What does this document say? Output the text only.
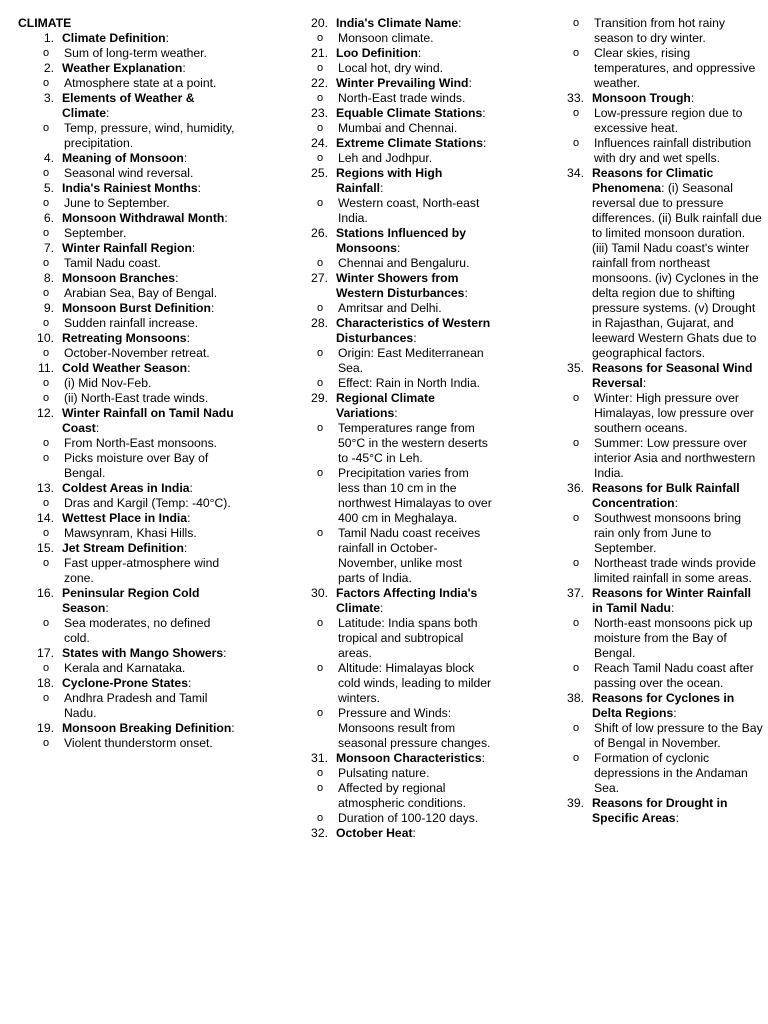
CLIMATE
1. Climate Definition:
o Sum of long-term weather.
2. Weather Explanation:
o Atmosphere state at a point.
3. Elements of Weather & Climate:
o Temp, pressure, wind, humidity, precipitation.
4. Meaning of Monsoon:
o Seasonal wind reversal.
5. India's Rainiest Months:
o June to September.
6. Monsoon Withdrawal Month:
o September.
7. Winter Rainfall Region:
o Tamil Nadu coast.
8. Monsoon Branches:
o Arabian Sea, Bay of Bengal.
9. Monsoon Burst Definition:
o Sudden rainfall increase.
10. Retreating Monsoons:
o October-November retreat.
11. Cold Weather Season:
o (i) Mid Nov-Feb.
o (ii) North-East trade winds.
12. Winter Rainfall on Tamil Nadu Coast:
o From North-East monsoons.
o Picks moisture over Bay of Bengal.
13. Coldest Areas in India:
o Dras and Kargil (Temp: -40°C).
14. Wettest Place in India:
o Mawsynram, Khasi Hills.
15. Jet Stream Definition:
o Fast upper-atmosphere wind zone.
16. Peninsular Region Cold Season:
o Sea moderates, no defined cold.
17. States with Mango Showers:
o Kerala and Karnataka.
18. Cyclone-Prone States:
o Andhra Pradesh and Tamil Nadu.
19. Monsoon Breaking Definition:
o Violent thunderstorm onset.
20. India's Climate Name:
o Monsoon climate.
21. Loo Definition:
o Local hot, dry wind.
22. Winter Prevailing Wind:
o North-East trade winds.
23. Equable Climate Stations:
o Mumbai and Chennai.
24. Extreme Climate Stations:
o Leh and Jodhpur.
25. Regions with High Rainfall:
o Western coast, North-east India.
26. Stations Influenced by Monsoons:
o Chennai and Bengaluru.
27. Winter Showers from Western Disturbances:
o Amritsar and Delhi.
28. Characteristics of Western Disturbances:
o Origin: East Mediterranean Sea.
o Effect: Rain in North India.
29. Regional Climate Variations:
o Temperatures range from 50°C in the western deserts to -45°C in Leh.
o Precipitation varies from less than 10 cm in the northwest Himalayas to over 400 cm in Meghalaya.
o Tamil Nadu coast receives rainfall in October-November, unlike most parts of India.
30. Factors Affecting India's Climate:
o Latitude: India spans both tropical and subtropical areas.
o Altitude: Himalayas block cold winds, leading to milder winters.
o Pressure and Winds: Monsoons result from seasonal pressure changes.
31. Monsoon Characteristics:
o Pulsating nature.
o Affected by regional atmospheric conditions.
o Duration of 100-120 days.
32. October Heat:
o Transition from hot rainy season to dry winter.
o Clear skies, rising temperatures, and oppressive weather.
33. Monsoon Trough:
o Low-pressure region due to excessive heat.
o Influences rainfall distribution with dry and wet spells.
34. Reasons for Climatic Phenomena: (i) Seasonal reversal due to pressure differences. (ii) Bulk rainfall due to limited monsoon duration. (iii) Tamil Nadu coast's winter rainfall from northeast monsoons. (iv) Cyclones in the delta region due to shifting pressure systems. (v) Drought in Rajasthan, Gujarat, and leeward Western Ghats due to geographical factors.
35. Reasons for Seasonal Wind Reversal:
o Winter: High pressure over Himalayas, low pressure over southern oceans.
o Summer: Low pressure over interior Asia and northwestern India.
36. Reasons for Bulk Rainfall Concentration:
o Southwest monsoons bring rain only from June to September.
o Northeast trade winds provide limited rainfall in some areas.
37. Reasons for Winter Rainfall in Tamil Nadu:
o North-east monsoons pick up moisture from the Bay of Bengal.
o Reach Tamil Nadu coast after passing over the ocean.
38. Reasons for Cyclones in Delta Regions:
o Shift of low pressure to the Bay of Bengal in November.
o Formation of cyclonic depressions in the Andaman Sea.
39. Reasons for Drought in Specific Areas:
